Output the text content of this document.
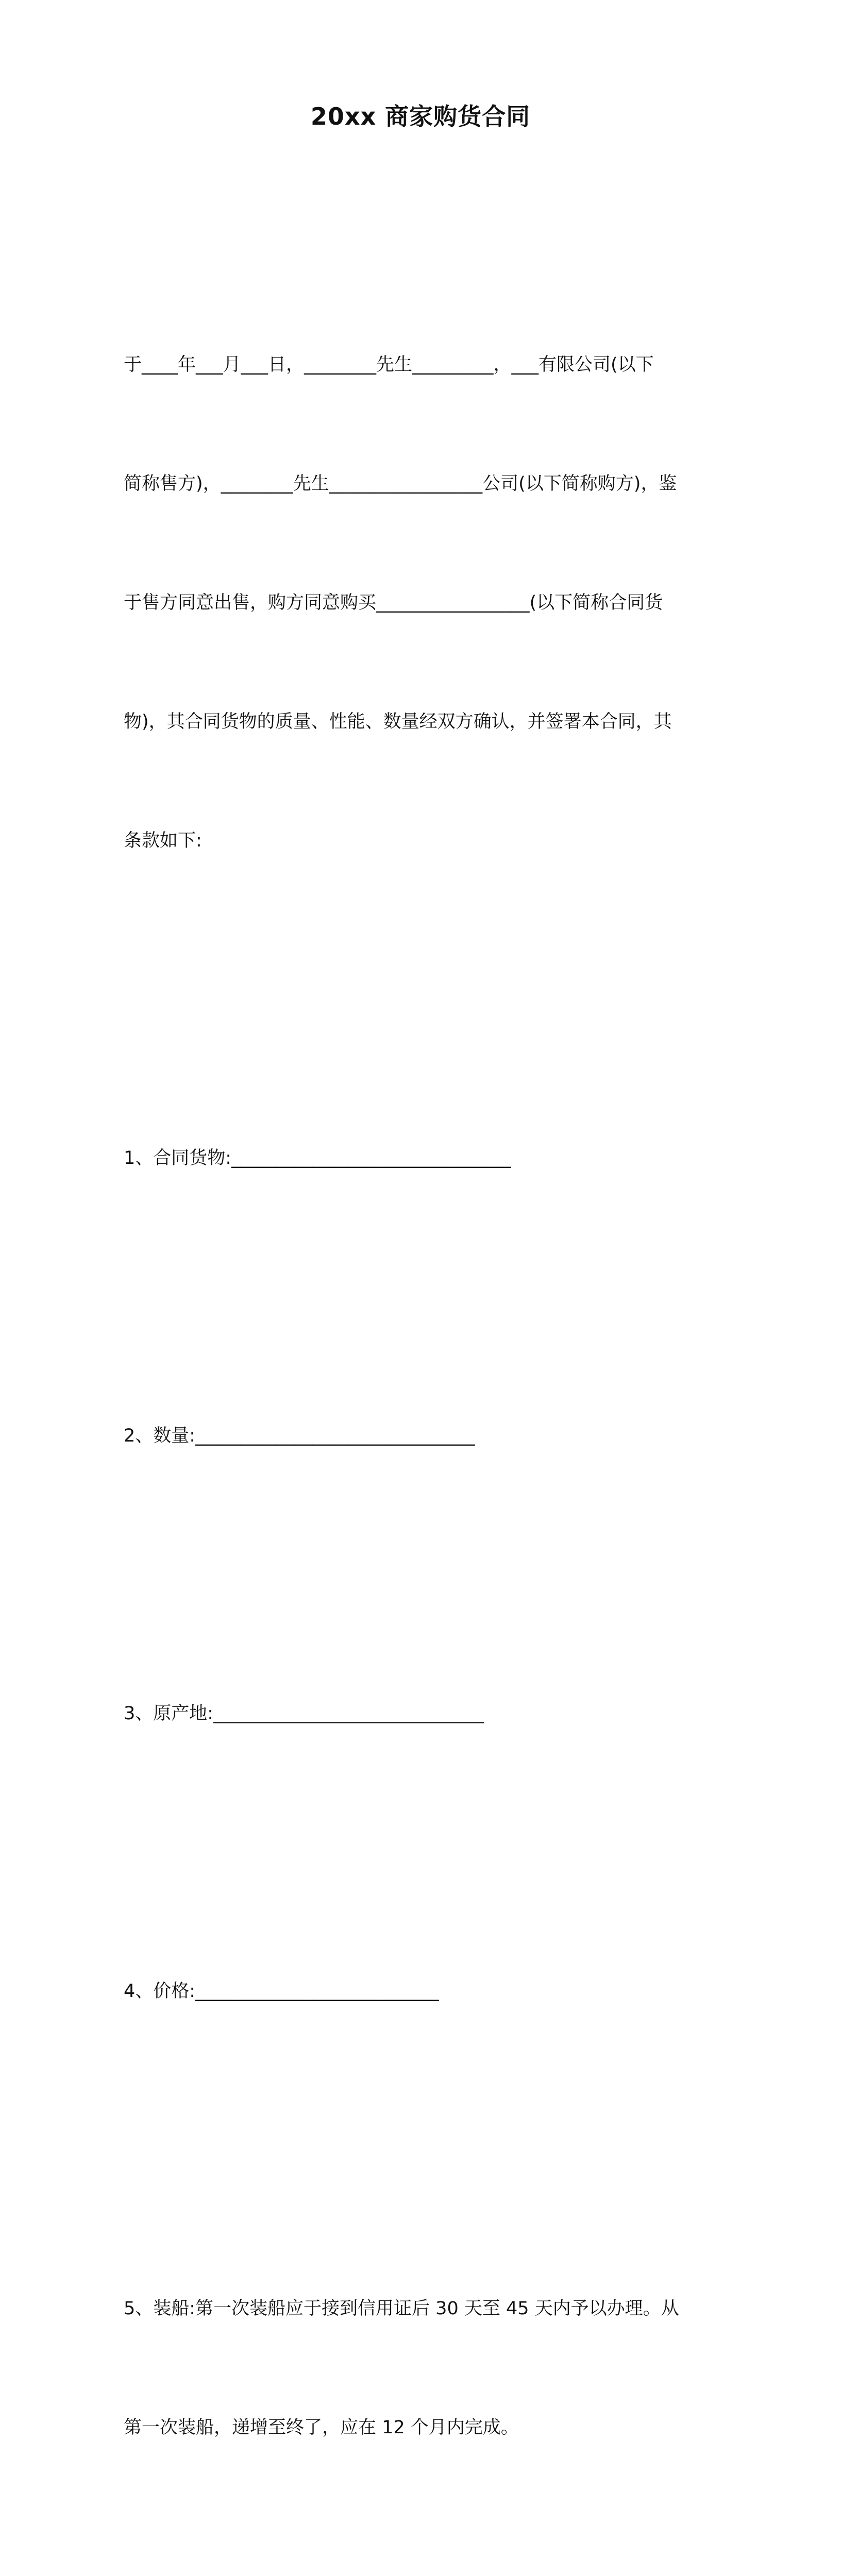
20xx 商家购货合同

于____年___月___日，________先生_________，___有限公司(以下

简称售方)，________先生_________________公司(以下简称购方)，鉴

于售方同意出售，购方同意购买_________________(以下简称合同货

物)，其合同货物的质量、性能、数量经双方确认，并签署本合同，其

条款如下:

1、合同货物:_______________________________

2、数量:_______________________________

3、原产地:______________________________

4、价格:___________________________

5、装船:第一次装船应于接到信用证后 30 天至 45 天内予以办理。从

第一次装船，递增至终了，应在 12 个月内完成。
